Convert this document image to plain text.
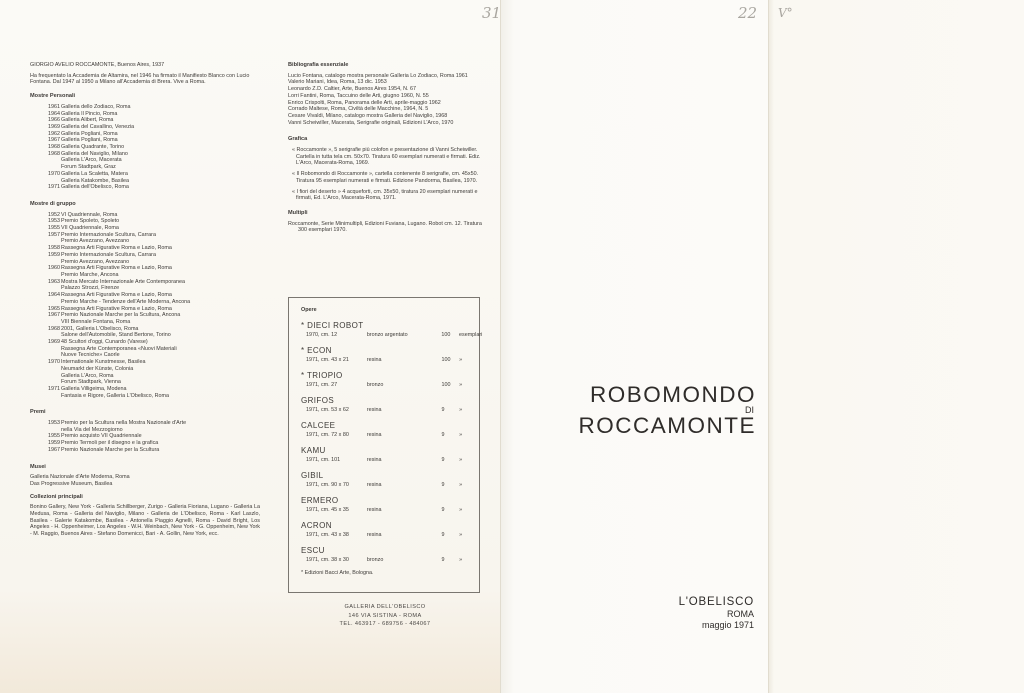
31	22 V°
GIORGIO AVELIO ROCCAMONTE, Buenos Aires, 1937
Ha frequentato la Accademia de Altamira, nel 1946 ha firmato il Manifiesto Blanco con Lucio Fontana. Dal 1947 al 1950 a Milano all'Accademia di Brera. Vive a Roma.
Mostre Personali
1961 Galleria dello Zodiaco, Roma
1964 Galleria Il Pincio, Roma
1966 Galleria Alibert, Roma
1969 Galleria del Cavallino, Venezia
1962 Galleria Pogliani, Roma
1967 Galleria Pogliani, Roma
1968 Galleria Quadrante, Torino
1968 Galleria del Naviglio, Milano
Galleria L'Arco, Macerata
Forum Stadtpark, Graz
1970 Galleria La Scaletta, Matera
Galleria Katakombe, Basilea
1971 Galleria dell'Obelisco, Roma
Mostre di gruppo
1952 VI Quadriennale, Roma
1953 Premio Spoleto, Spoleto
1955 VII Quadriennale, Roma
1957 Premio Internazionale Scultura, Carrara
Premio Avezzano, Avezzano
1958 Rassegna Arti Figurative Roma e Lazio, Roma
1959 Premio Internazionale Scultura, Carrara
Premio Avezzano, Avezzano
1960 Rassegna Arti Figurative Roma e Lazio, Roma
Premio Marche, Ancona
1963 Mostra Mercato Internazionale Arte Contemporanea
Palazzo Strozzi, Firenze
1964 Rassegna Arti Figurative Roma e Lazio, Roma
Premio Marche - Tendenze dell'Arte Moderna, Ancona
1965 Rassegna Arti Figurative Roma e Lazio, Roma
1967 Premio Nazionale Marche per la Scultura, Ancona
VIII Biennale Fontana, Roma
1968 2001, Galleria L'Obelisco, Roma
Salone dell'Automobile, Stand Bertone, Torino
1969 48 Scultori d'oggi, Cunardo (Varese)
Rassegna Arte Contemporanea «Nuovi Materiali
Nuove Tecniche» Caorle
1970 Internationale Kunstmesse, Basilea
Neumarkt der Künste, Colonia
Galleria L'Arco, Roma
Forum Stadtpark, Vienna
1971 Galleria Villigeima, Modena
Fantasia e Rigore, Galleria L'Obelisco, Roma
Premi
1953 Premio per la Scultura nella Mostra Nazionale d'Arte
nella Via del Mezzogiorno
1955 Premio acquisto VII Quadriennale
1959 Premio Termoli per il disegno e la grafica
1967 Premio Nazionale Marche per la Scultura
Musei
Galleria Nazionale d'Arte Moderna, Roma
Das Progressive Museum, Basilea
Collezioni principali
Bonino Gallery, New York - Galleria Schillberger, Zurigo - Galleria Fioriana, Lugano - Galleria La Medusa, Roma - Galleria del Naviglio, Milano - Galleria de L'Obelisco, Roma - Karl Laszlo, Basilea - Galerie Katakombe, Basilea - Antonella Piaggio Agnelli, Roma - David Bright, Los Angeles - H. Oppenheimer, Los Angeles - W.H. Weinbach, New York - G. Oppenheim, New York - M. Raggio, Buenos Aires - Stefano Domenicci, Bari - A. Gollin, New York, ecc.
Bibliografia essenziale
Lucio Fontana, catalogo mostra personale Galleria Lo Zodiaco, Roma 1961
Valerio Mariani, Idea, Roma, 13 dic. 1953
Leonardo Z.D. Caltier, Arte, Buenos Aires 1954, N. 67
Lorri Fantini, Roma, Taccuino delle Arti, giugno 1960, N. 55
Enrico Crispolti, Roma, Panorama delle Arti, aprile-maggio 1962
Corrado Maltese, Roma, Civiltà delle Macchine, 1964, N. 5
Cesare Vivaldi, Milano, catalogo mostra Galleria del Naviglio, 1968
Vanni Scheiwiller, Macerata, Serigrafie originali, Edizioni L'Arco, 1970
Grafica
« Roccamonte », 5 serigrafie più colofon e presentazione di Vanni Scheiwiller. Cartella in tutta tela cm. 50x70. Tiratura 60 esemplari numerati e firmati. Ediz. L'Arco, Macerata-Roma, 1969.
« Il Robomondo di Roccamonte », cartella contenente 8 serigrafie, cm. 45x50. Tiratura 95 esemplari numerati e firmati. Edizione Pandorma, Basilea, 1970.
« I fiori del deserto » 4 acqueforti, cm. 35x50, tiratura 20 esemplari numerati e firmati, Ed. L'Arco, Macerata-Roma, 1971.
Multipli
Roccamonte, Serie Minimultipli, Edizioni Fuviana, Lugano. Robot cm. 12. Tiratura 300 esemplari 1970.
Opere
* DIECI ROBOT
1970, cm. 12	bronzo argentato	100	esemplari
* ECON
1971, cm. 43 x 21	resina	100	»
* TRIOPIO
1971, cm. 27	bronzo	100	»
GRIFOS
1971, cm. 53 x 62	resina	9	»
CALCEE
1971, cm. 72 x 80	resina	9	»
KAMU
1971, cm. 101	resina	9	»
GIBIL
1971, cm. 90 x 70	resina	9	»
ERMERO
1971, cm. 45 x 35	resina	9	»
ACRON
1971, cm. 43 x 38	resina	9	»
ESCU
1971, cm. 38 x 30	bronzo	9	»
* Edizioni Bacci Arte, Bologna.
GALLERIA DELL'OBELISCO
146 VIA SISTINA - ROMA
TEL. 463917 - 689756 - 484067
ROBOMONDO
DI
ROCCAMONTE
L'OBELISCO
ROMA
maggio 1971
